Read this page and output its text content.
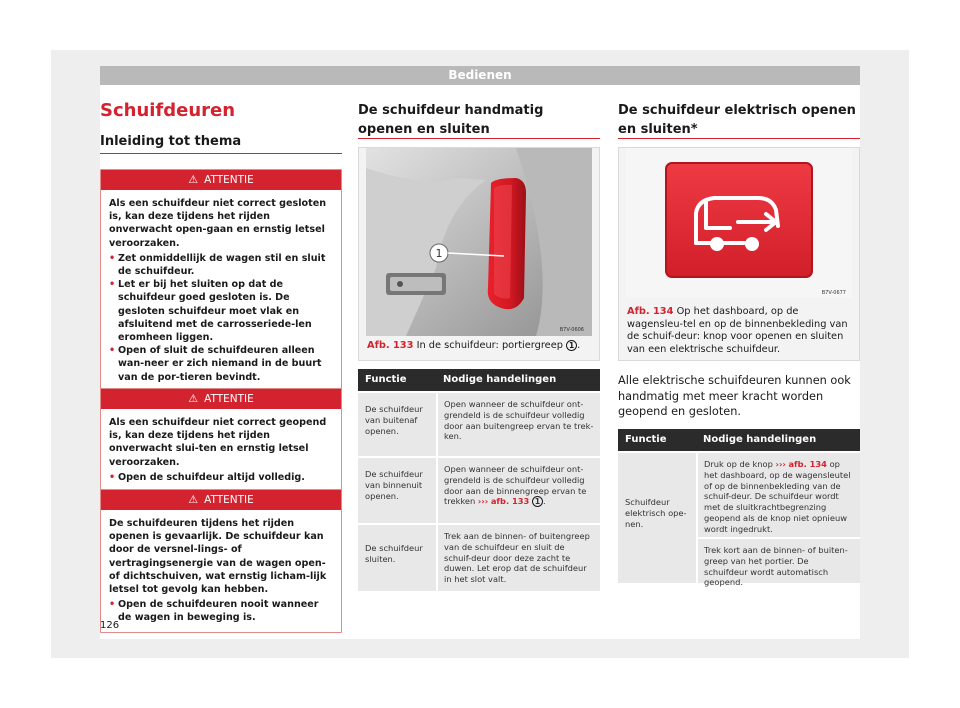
Bedienen
Schuifdeuren
Inleiding tot thema
⚠ ATTENTIE

Als een schuifdeur niet correct gesloten is, kan deze tijdens het rijden onverwacht open-gaan en ernstig letsel veroorzaken.

• Zet onmiddellijk de wagen stil en sluit de schuifdeur.
• Let er bij het sluiten op dat de schuifdeur goed gesloten is. De gesloten schuifdeur moet vlak en afsluitend met de carrosseriede-len eromheen liggen.
• Open of sluit de schuifdeuren alleen wan-neer er zich niemand in de buurt van de por-tieren bevindt.
⚠ ATTENTIE

Als een schuifdeur niet correct geopend is, kan deze tijdens het rijden onverwacht slui-ten en ernstig letsel veroorzaken.

• Open de schuifdeur altijd volledig.
⚠ ATTENTIE

De schuifdeuren tijdens het rijden openen is gevaarlijk. De schuifdeur kan door de versnel-lings- of vertragingsenergie van de wagen open- of dichtschuiven, wat ernstig licham-lijk letsel tot gevolg kan hebben.

• Open de schuifdeuren nooit wanneer de wagen in beweging is.
126
De schuifdeur handmatig openen en sluiten
1
B7V-0606
Afb. 133 In de schuifdeur: portiergreep 1 .
Functie	Nodige handelingen
De schuifdeur van buitenaf openen.
Open wanneer de schuifdeur ont-grendeld is de schuifdeur volledig door aan buitengreep ervan te trek-ken.
De schuifdeur van binnenuit openen.
Open wanneer de schuifdeur ont-grendeld is de schuifdeur volledig door aan de binnengreep ervan te trekken ››› afb. 133 1 .
De schuifdeur sluiten.
Trek aan de binnen- of buitengreep van de schuifdeur en sluit de schuif-deur door deze zacht te duwen. Let erop dat de schuifdeur in het slot valt.
De schuifdeur elektrisch openen en sluiten*
B7V-0677
Afb. 134 Op het dashboard, op de wagensleu-tel en op de binnenbekleding van de schuif-deur: knop voor openen en sluiten van een elektrische schuifdeur.
Alle elektrische schuifdeuren kunnen ook handmatig met meer kracht worden geopend en gesloten.
Functie	Nodige handelingen
Schuifdeur elektrisch ope-nen.
Druk op de knop ››› afb. 134 op het dashboard, op de wagensleutel of op de binnenbekleding van de schuif-deur. De schuifdeur wordt met de sluitkrachtbegrenzing geopend als de knop niet opnieuw wordt ingedrukt.
Trek kort aan de binnen- of buiten-greep van het portier. De schuifdeur wordt automatisch geopend.
